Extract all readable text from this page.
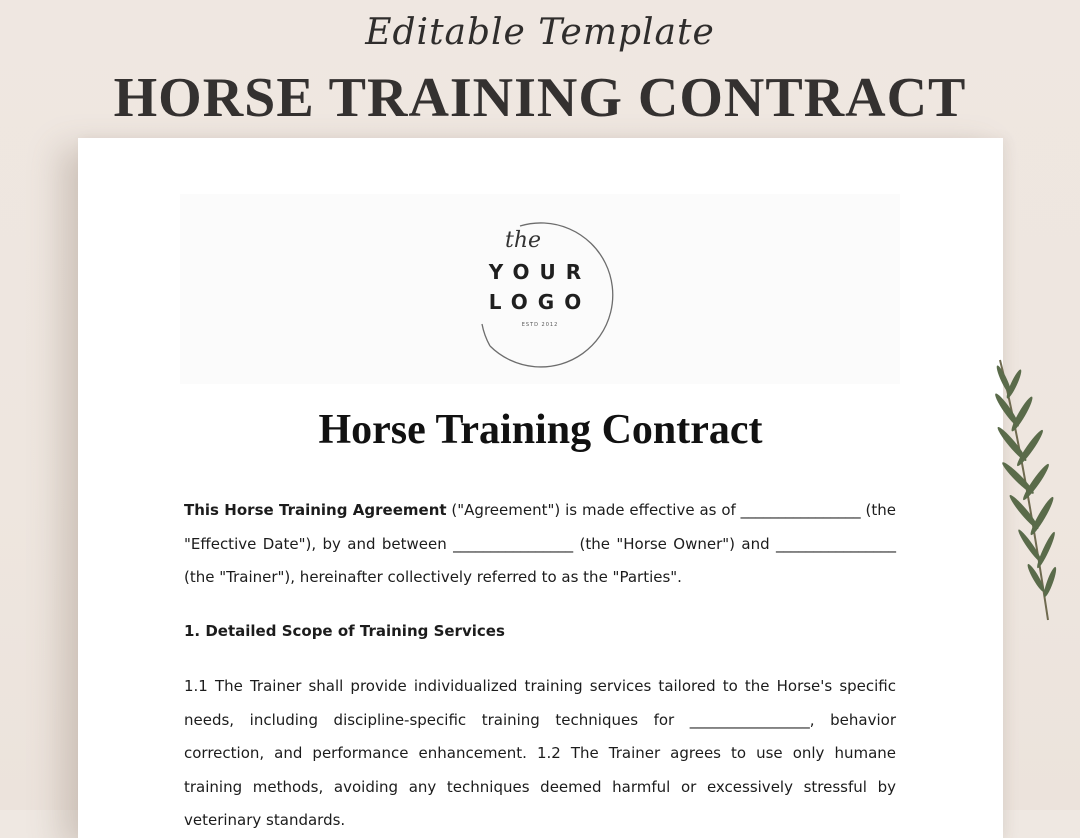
Editable Template
HORSE TRAINING CONTRACT
the
YOUR
LOGO
ESTD 2012
Horse Training Contract
This Horse Training Agreement ("Agreement") is made effective as of ________________ (the "Effective Date"), by and between ________________ (the "Horse Owner") and ________________ (the "Trainer"), hereinafter collectively referred to as the "Parties".
1. Detailed Scope of Training Services
1.1 The Trainer shall provide individualized training services tailored to the Horse's specific needs, including discipline-specific training techniques for ________________, behavior correction, and performance enhancement. 1.2 The Trainer agrees to use only humane training methods, avoiding any techniques deemed harmful or excessively stressful by veterinary standards.
